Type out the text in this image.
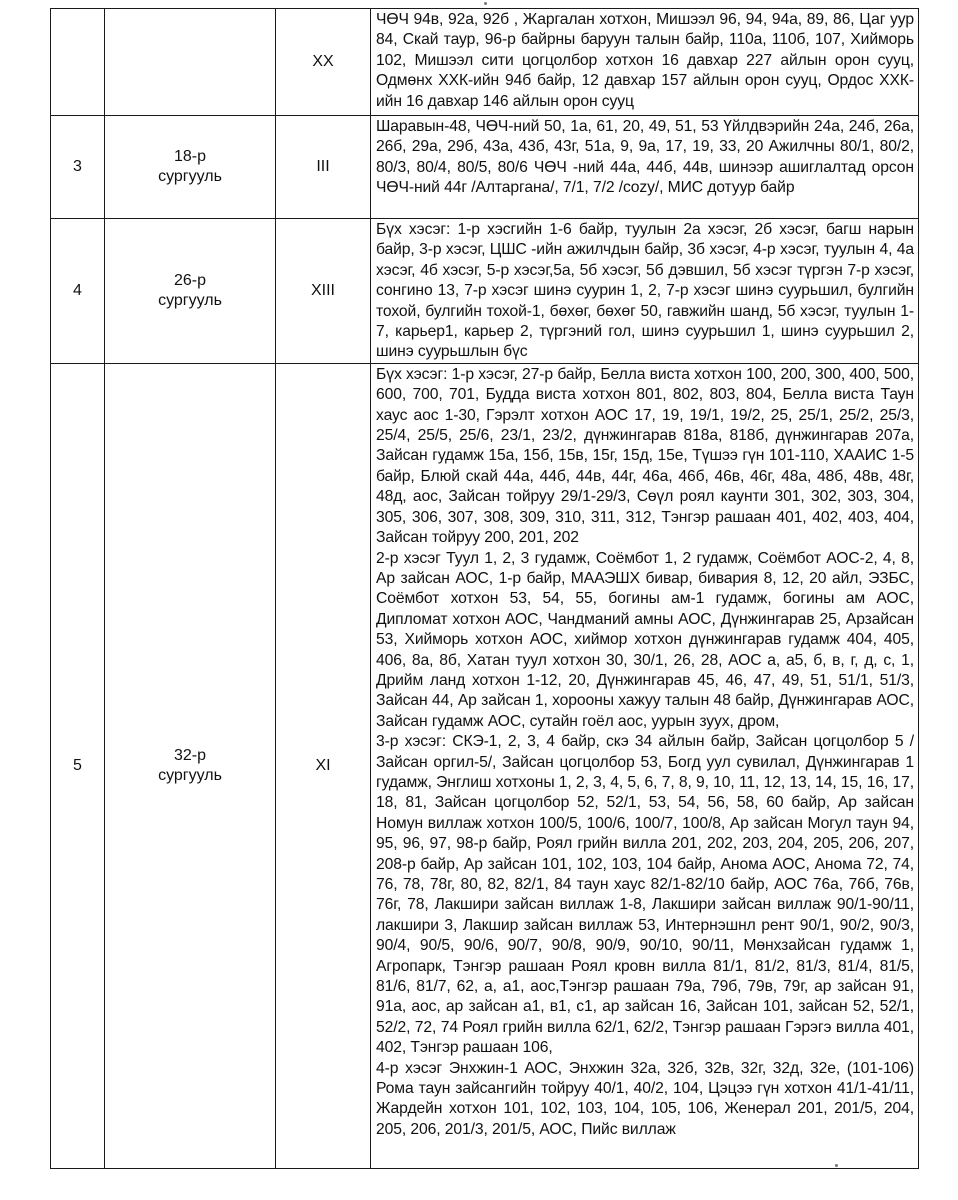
	XX	ЧӨЧ 94в, 92а, 92б , Жаргалан хотхон, Мишээл 96, 94, 94а, 89, 86, Цаг уур 84, Скай таур, 96-р байрны баруун талын байр, 110а, 110б, 107, Хийморь 102, Мишээл сити цогцолбор хотхон 16 давхар 227 айлын орон сууц, Одмөнх ХХК-ийн 94б байр, 12 давхар 157 айлын орон сууц, Ордос ХХК-ийн 16 давхар 146 айлын орон сууц

3	18-р
сургууль	III	Шаравын-48, ЧӨЧ-ний 50, 1а, 61, 20, 49, 51, 53 Үйлдвэрийн 24а, 24б, 26а, 26б, 29а, 29б, 43а, 43б, 43г, 51а, 9, 9а, 17, 19, 33, 20 Ажилчны 80/1, 80/2, 80/3, 80/4, 80/5, 80/6 ЧӨЧ -ний 44а, 44б, 44в, шинээр ашиглалтад орсон ЧӨЧ-ний 44г /Алтаргана/, 7/1, 7/2 /cozy/, МИС дотуур байр

4	26-р
сургууль	XIII	Бүх хэсэг: 1-р хэсгийн 1-6 байр, туулын 2а хэсэг, 2б хэсэг, багш нарын байр, 3-р хэсэг, ЦШС -ийн ажилчдын байр, 3б хэсэг, 4-р хэсэг, туулын 4, 4а хэсэг, 4б хэсэг, 5-р хэсэг,5а, 5б хэсэг, 5б дэвшил, 5б хэсэг түргэн 7-р хэсэг, сонгино 13, 7-р хэсэг шинэ суурин 1, 2, 7-р хэсэг шинэ суурьшил, булгийн тохой, булгийн тохой-1, бөхөг, бөхөг 50, гавжийн шанд, 5б хэсэг, туулын 1-7, карьер1, карьер 2, түргэний гол, шинэ суурьшил 1, шинэ суурьшил 2, шинэ суурьшлын бүс

5	32-р
сургууль	XI	Бүх хэсэг: 1-р хэсэг, 27-р байр, Белла виста хотхон 100, 200, 300, 400, 500, 600, 700, 701, Будда виста хотхон 801, 802, 803, 804, Белла виста Таун хаус аос 1-30, Гэрэлт хотхон АОС 17, 19, 19/1, 19/2, 25, 25/1, 25/2, 25/3, 25/4, 25/5, 25/6, 23/1, 23/2, дүнжингарав 818а, 818б, дүнжингарав 207а, Зайсан гудамж 15а, 15б, 15в, 15г, 15д, 15е, Түшээ гүн 101-110, ХААИС 1-5 байр, Блюй скай 44а, 44б, 44в, 44г, 46а, 46б, 46в, 46г, 48а, 48б, 48в, 48г, 48д, аос, Зайсан тойруу 29/1-29/3, Сөүл роял каунти 301, 302, 303, 304, 305, 306, 307, 308, 309, 310, 311, 312, Тэнгэр рашаан 401, 402, 403, 404, Зайсан тойруу 200, 201, 202
2-р хэсэг Туул 1, 2, 3 гудамж, Соёмбот 1, 2 гудамж, Соёмбот АОС-2, 4, 8, Ар зайсан АОС, 1-р байр, МААЭШХ бивар, бивария 8, 12, 20 айл, ЭЗБС, Соёмбот хотхон 53, 54, 55, богины ам-1 гудамж, богины ам АОС, Дипломат хотхон АОС, Чандманий амны АОС, Дүнжингарав 25, Арзайсан 53, Хийморь хотхон АОС, хиймор хотхон дүнжингарав гудамж 404, 405, 406, 8а, 8б, Хатан туул хотхон 30, 30/1, 26, 28, АОС а, а5, б, в, г, д, с, 1, Дрийм ланд хотхон 1-12, 20, Дүнжингарав 45, 46, 47, 49, 51, 51/1, 51/3, Зайсан 44, Ар зайсан 1, хорооны хажуу талын 48 байр, Дүнжингарав АОС, Зайсан гудамж АОС, сутайн гоёл аос, уурын зуух, дром,
3-р хэсэг: СКЭ-1, 2, 3, 4 байр, скэ 34 айлын байр, Зайсан цогцолбор 5 /Зайсан оргил-5/, Зайсан цогцолбор 53, Богд уул сувилал, Дүнжингарав 1 гудамж, Энглиш хотхоны 1, 2, 3, 4, 5, 6, 7, 8, 9, 10, 11, 12, 13, 14, 15, 16, 17, 18, 81, Зайсан цогцолбор 52, 52/1, 53, 54, 56, 58, 60 байр, Ар зайсан Номун виллаж хотхон 100/5, 100/6, 100/7, 100/8, Ар зайсан Могул таун 94, 95, 96, 97, 98-р байр, Роял грийн вилла 201, 202, 203, 204, 205, 206, 207, 208-р байр, Ар зайсан 101, 102, 103, 104 байр, Анома АОС, Анома 72, 74, 76, 78, 78г, 80, 82, 82/1, 84 таун хаус 82/1-82/10 байр, АОС 76а, 76б, 76в, 76г, 78, Лакшири зайсан виллаж 1-8, Лакшири зайсан виллаж 90/1-90/11, лакшири 3, Лакшир зайсан виллаж 53, Интернэшнл рент 90/1, 90/2, 90/3, 90/4, 90/5, 90/6, 90/7, 90/8, 90/9, 90/10, 90/11, Мөнхзайсан гудамж 1, Агропарк, Тэнгэр рашаан Роял кровн вилла 81/1, 81/2, 81/3, 81/4, 81/5, 81/6, 81/7, 62, а, а1, аос,Тэнгэр рашаан 79а, 79б, 79в, 79г, ар зайсан 91, 91а, аос, ар зайсан а1, в1, с1, ар зайсан 16, Зайсан 101, зайсан 52, 52/1, 52/2, 72, 74 Роял грийн вилла 62/1, 62/2, Тэнгэр рашаан Гэрэгэ вилла 401, 402, Тэнгэр рашаан 106,
4-р хэсэг Энхжин-1 АОС, Энхжин 32а, 32б, 32в, 32г, 32д, 32е, (101-106) Рома таун зайсангийн тойруу 40/1, 40/2, 104, Цэцээ гүн хотхон 41/1-41/11, Жардейн хотхон 101, 102, 103, 104, 105, 106, Женерал 201, 201/5, 204, 205, 206, 201/3, 201/5, АОС, Пийс виллаж
